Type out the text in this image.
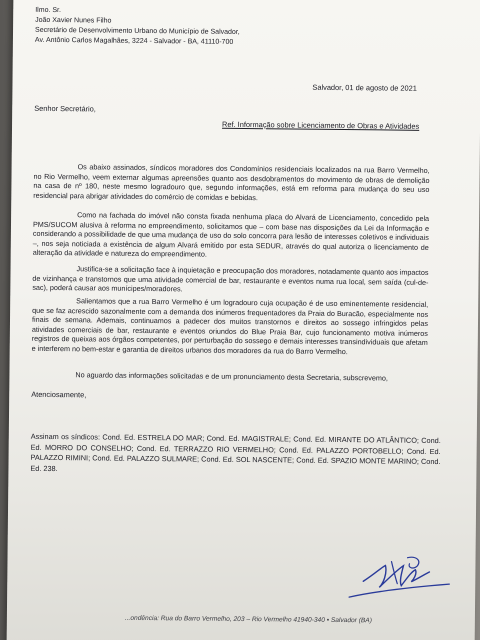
Ilmo. Sr.
João Xavier Nunes Filho
Secretário de Desenvolvimento Urbano do Município de Salvador,
Av. Antônio Carlos Magalhães, 3224 - Salvador - BA, 41110-700
Salvador, 01 de agosto de 2021
Senhor Secretário,
Ref. Informação sobre Licenciamento de Obras e Atividades
Os abaixo assinados, síndicos moradores dos Condomínios residenciais localizados na rua Barro Vermelho, no Rio Vermelho, veem externar algumas apreensões quanto aos desdobramentos do movimento de obras de demolição na casa de nº 180, neste mesmo logradouro que, segundo informações, está em reforma para mudança do seu uso residencial para abrigar atividades do comércio de comidas e bebidas.
Como na fachada do imóvel não consta fixada nenhuma placa do Alvará de Licenciamento, concedido pela PMS/SUCOM alusiva à reforma no empreendimento, solicitamos que – com base nas disposições da Lei da Informação e considerando a possibilidade de que uma mudança de uso do solo concorra para lesão de interesses coletivos e individuais –, nos seja noticiada a existência de algum Alvará emitido por esta SEDUR, através do qual autoriza o licenciamento de alteração da atividade e natureza do empreendimento.
Justifica-se a solicitação face à inquietação e preocupação dos moradores, notadamente quanto aos impactos de vizinhança e transtornos que uma atividade comercial de bar, restaurante e eventos numa rua local, sem saída (cul-de-sac), poderá causar aos munícipes/moradores.
Salientamos que a rua Barro Vermelho é um logradouro cuja ocupação é de uso eminentemente residencial, que se faz acrescido sazonalmente com a demanda dos inúmeros frequentadores da Praia do Buracão, especialmente nos finais de semana. Ademais, continuamos a padecer dos muitos transtornos e direitos ao sossego infringidos pelas atividades comerciais de bar, restaurante e eventos oriundos do Blue Praia Bar, cujo funcionamento motiva inúmeros registros de queixas aos órgãos competentes, por perturbação do sossego e demais interesses transindividuais que afetam e interferem no bem-estar e garantia de direitos urbanos dos moradores da rua do Barro Vermelho.
No aguardo das informações solicitadas e de um pronunciamento desta Secretaria, subscrevemo,
Atenciosamente,
Assinam os síndicos: Cond. Ed. ESTRELA DO MAR; Cond. Ed. MAGISTRALE; Cond. Ed. MIRANTE DO ATLÂNTICO; Cond. Ed. MORRO DO CONSELHO; Cond. Ed. TERRAZZO RIO VERMELHO; Cond. Ed. PALAZZO PORTOBELLO; Cond. Ed. PALAZZO RIMINI; Cond. Ed. PALAZZO SULMARE; Cond. Ed. SOL NASCENTE; Cond. Ed. SPAZIO MONTE MARINO; Cond. Ed. 238.
...ondência: Rua do Barro Vermelho, 203 – Rio Vermelho 41940-340 • Salvador (BA)
